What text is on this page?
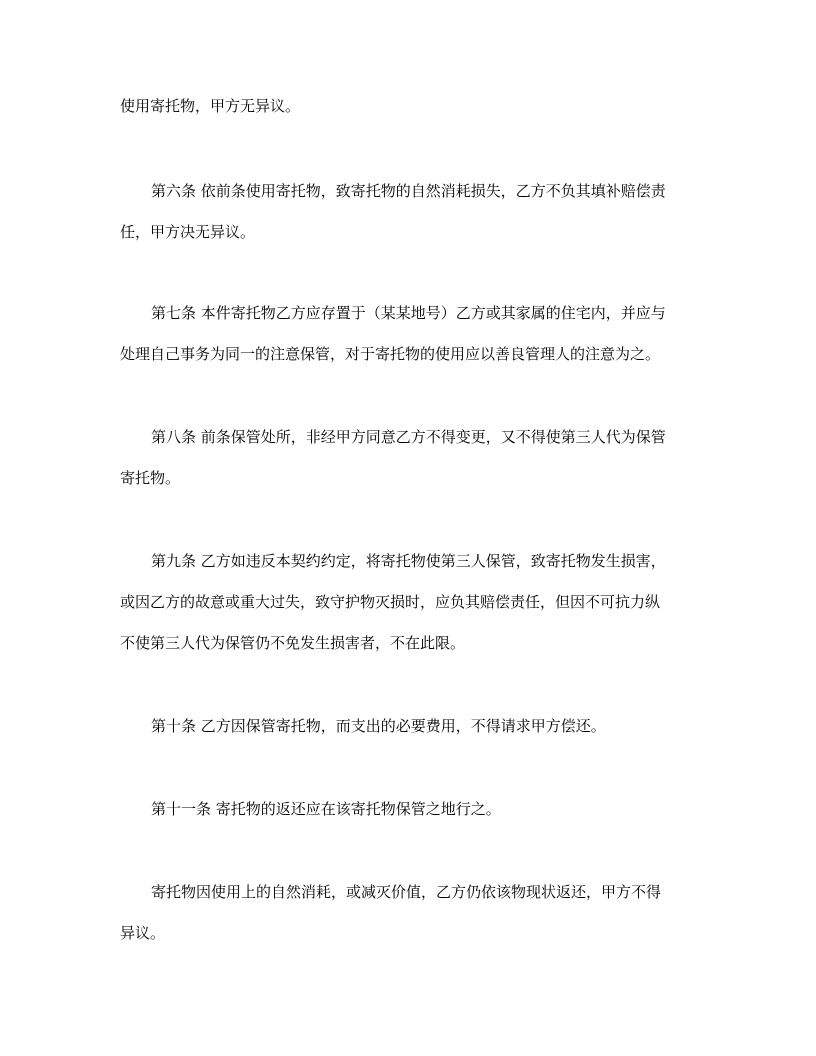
使用寄托物，甲方无异议。
第六条 依前条使用寄托物，致寄托物的自然消耗损失，乙方不负其填补赔偿责
任，甲方决无异议。
第七条 本件寄托物乙方应存置于（某某地号）乙方或其家属的住宅内，并应与
处理自己事务为同一的注意保管，对于寄托物的使用应以善良管理人的注意为之。
第八条 前条保管处所，非经甲方同意乙方不得变更，又不得使第三人代为保管
寄托物。
第九条 乙方如违反本契约约定，将寄托物使第三人保管，致寄托物发生损害，
或因乙方的故意或重大过失，致守护物灭损时，应负其赔偿责任，但因不可抗力纵
不使第三人代为保管仍不免发生损害者，不在此限。
第十条 乙方因保管寄托物，而支出的必要费用，不得请求甲方偿还。
第十一条 寄托物的返还应在该寄托物保管之地行之。
寄托物因使用上的自然消耗，或减灭价值，乙方仍依该物现状返还，甲方不得
异议。
